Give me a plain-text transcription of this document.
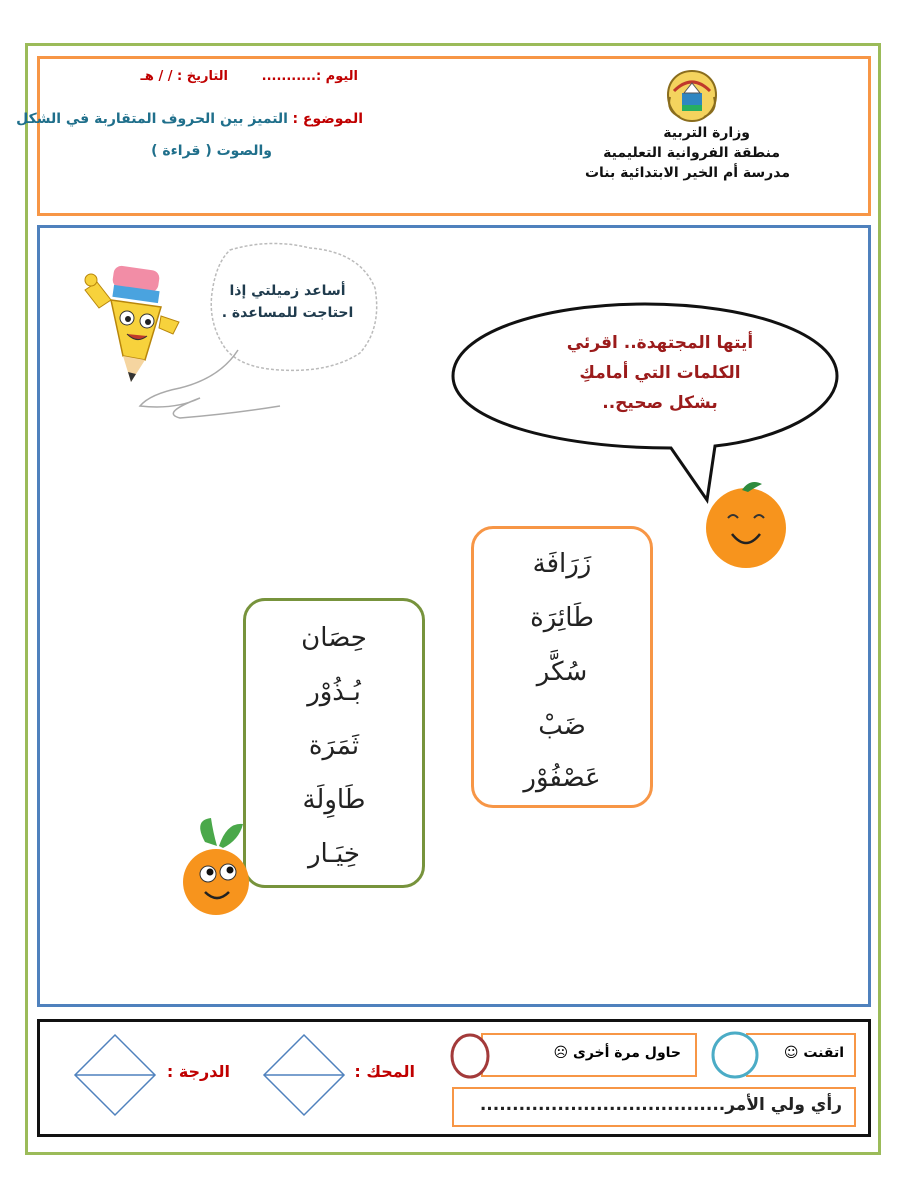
اليوم :...........
التاريخ : / / هـ
الموضوع : التميز بين الحروف المتقاربة في الشكل
والصوت ( قراءة )
وزارة التربية
منطقة الفروانية التعليمية
مدرسة أم الخير الابتدائية بنات
أساعد زميلتي إذا
احتاجت للمساعدة .
أيتها المجتهدة.. اقرئي
الكلمات التي أمامكِ
بشكل صحيح..
زَرَافَة
طَائِرَة
سُكَّر
ضَبْ
عَصْفُوْر
حِصَان
بُـذُوْر
ثَمَرَة
طَاوِلَة
خِيَـار
اتقنت ☺
حاول مرة أخرى ☹
رأي ولي الأمر......................................
المحك :
الدرجة :
